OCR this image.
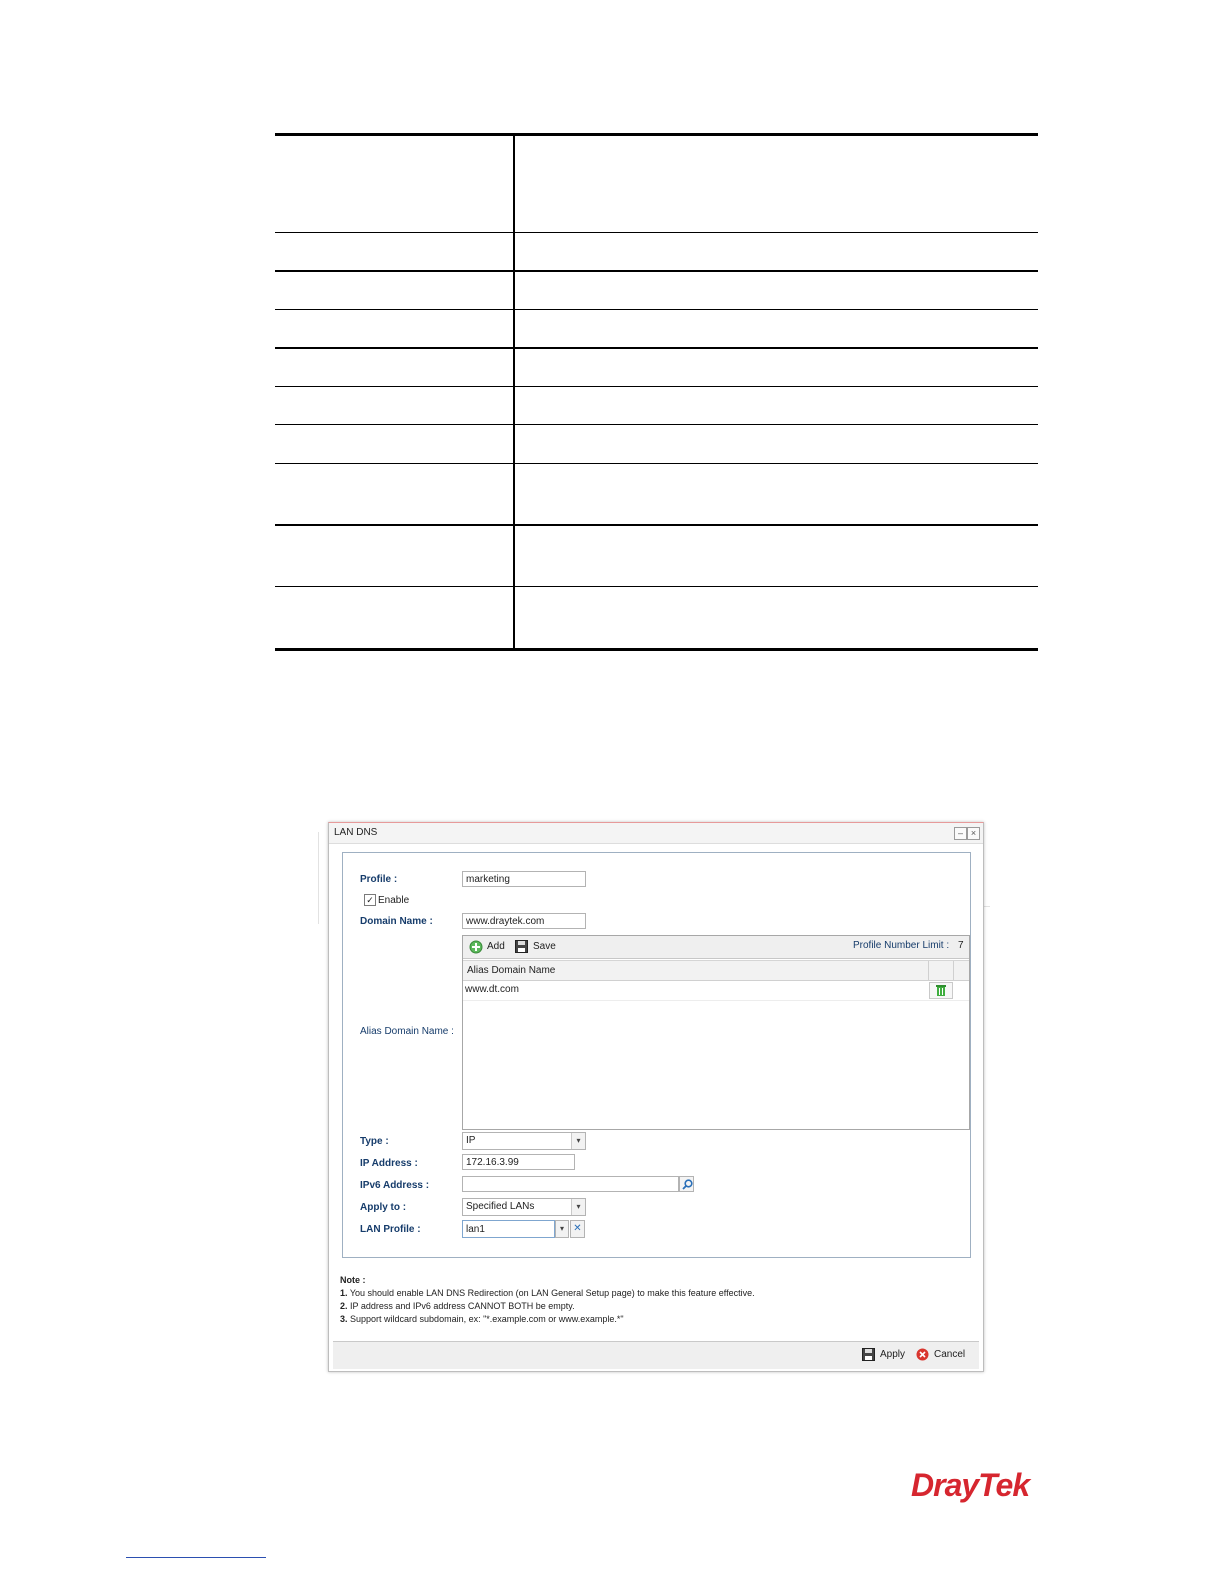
LAN DNS	– ×
Profile :	marketing
✓ Enable
Domain Name :	www.draytek.com
Alias Domain Name :
Add	Save	Profile Number Limit : 7
Alias Domain Name
www.dt.com
Type :	IP	▾
IP Address :	172.16.3.99
IPv6 Address :
Apply to :	Specified LANs	▾
LAN Profile :	lan1	▾ ✕
Note :
1. You should enable LAN DNS Redirection (on LAN General Setup page) to make this feature effective.
2. IP address and IPv6 address CANNOT BOTH be empty.
3. Support wildcard subdomain, ex: "*.example.com or www.example.*"
Apply	Cancel
DrayTek
